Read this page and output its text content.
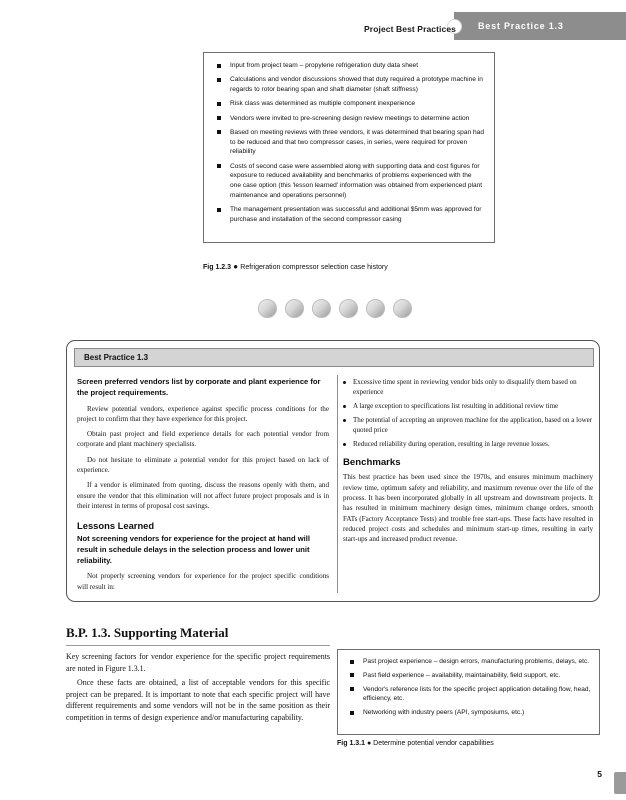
Project Best Practices Best Practice 1.3
Input from project team – propylene refrigeration duty data sheet
Calculations and vendor discussions showed that duty required a prototype machine in regards to rotor bearing span and shaft diameter (shaft stiffness)
Risk class was determined as multiple component inexperience
Vendors were invited to pre-screening design review meetings to determine action
Based on meeting reviews with three vendors, it was determined that bearing span had to be reduced and that two compressor cases, in series, were required for proven reliability
Costs of second case were assembled along with supporting data and cost figures for exposure to reduced availability and benchmarks of problems experienced with the one case option (this 'lesson learned' information was obtained from experienced plant maintenance and operations personnel)
The management presentation was successful and additional $5mm was approved for purchase and installation of the second compressor casing
Fig 1.2.3 ● Refrigeration compressor selection case history
Best Practice 1.3

Screen preferred vendors list by corporate and plant experience for the project requirements.

Review potential vendors, experience against specific process conditions for the project to confirm that they have experience for this project.

Obtain past project and field experience details for each potential vendor from corporate and plant machinery specialists.

Do not hesitate to eliminate a potential vendor for this project based on lack of experience.

If a vendor is eliminated from quoting, discuss the reasons openly with them, and ensure the vendor that this elimination will not affect future project proposals and is in their interest in terms of proposal cost savings.

Lessons Learned

Not screening vendors for experience for the project at hand will result in schedule delays in the selection process and lower unit reliability.

Not properly screening vendors for experience for the project specific conditions will result in:

Excessive time spent in reviewing vendor bids only to disqualify them based on experience
A large exception to specifications list resulting in additional review time
The potential of accepting an unproven machine for the application, based on a lower quoted price
Reduced reliability during operation, resulting in large revenue losses.

Benchmarks

This best practice has been used since the 1970s, and ensures minimum machinery review time, optimum safety and reliability, and maximum revenue over the life of the process. It has been incorporated globally in all upstream and downstream projects. It has resulted in minimum machinery design times, minimum change orders, smooth FATs (Factory Acceptance Tests) and trouble free start-ups. These facts have resulted in reduced project costs and schedules and minimum start-up times, resulting in early start-ups and increased product revenue.

B.P. 1.3. Supporting Material

Key screening factors for vendor experience for the specific project requirements are noted in Figure 1.3.1.

Once these facts are obtained, a list of acceptable vendors for this specific project can be prepared. It is important to note that each specific project will have different requirements and some vendors will not be in the same position as their competition in terms of design experience and/or manufacturing capability.

Past project experience – design errors, manufacturing problems, delays, etc.
Past field experience – availability, maintainability, field support, etc.
Vendor's reference lists for the specific project application detailing flow, head, efficiency, etc.
Networking with industry peers (API, symposiums, etc.)
Fig 1.3.1 ● Determine potential vendor capabilities
5
